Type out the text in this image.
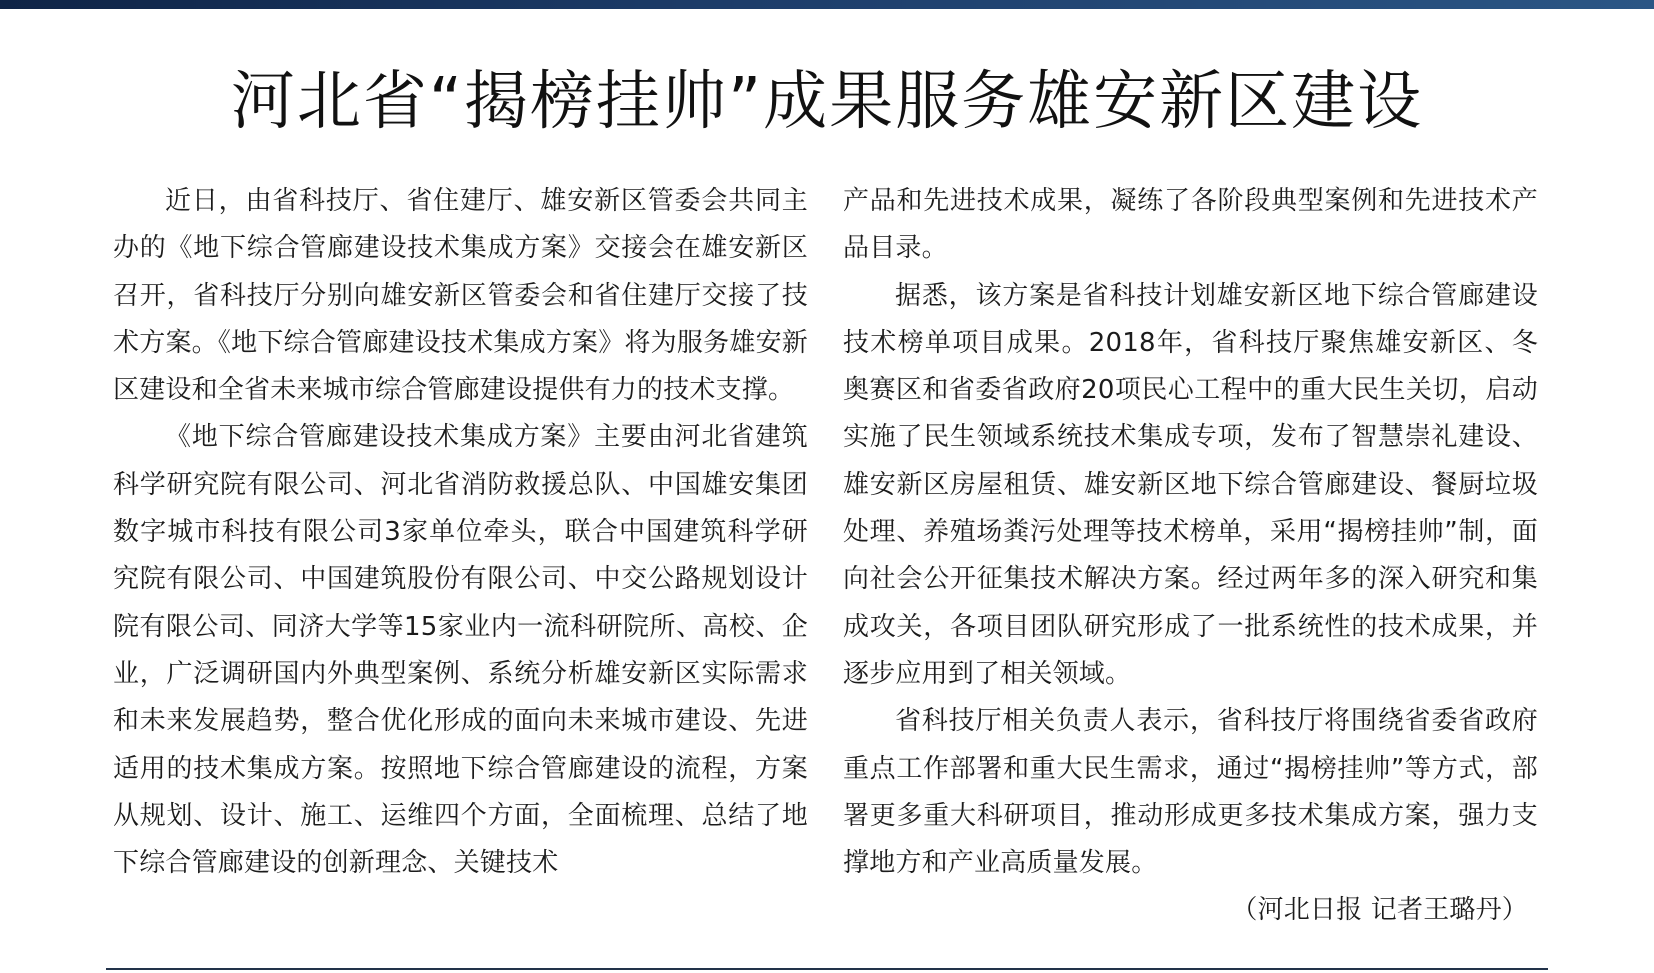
河北省“揭榜挂帅”成果服务雄安新区建设

近日，由省科技厅、省住建厅、雄安新区管委会共同主办的《地下综合管廊建设技术集成方案》交接会在雄安新区召开，省科技厅分别向雄安新区管委会和省住建厅交接了技术方案。《地下综合管廊建设技术集成方案》将为服务雄安新区建设和全省未来城市综合管廊建设提供有力的技术支撑。

《地下综合管廊建设技术集成方案》主要由河北省建筑科学研究院有限公司、河北省消防救援总队、中国雄安集团数字城市科技有限公司3家单位牵头，联合中国建筑科学研究院有限公司、中国建筑股份有限公司、中交公路规划设计院有限公司、同济大学等15家业内一流科研院所、高校、企业，广泛调研国内外典型案例、系统分析雄安新区实际需求和未来发展趋势，整合优化形成的面向未来城市建设、先进适用的技术集成方案。按照地下综合管廊建设的流程，方案从规划、设计、施工、运维四个方面，全面梳理、总结了地下综合管廊建设的创新理念、关键技术

产品和先进技术成果，凝练了各阶段典型案例和先进技术产品目录。

据悉，该方案是省科技计划雄安新区地下综合管廊建设技术榜单项目成果。2018年，省科技厅聚焦雄安新区、冬奥赛区和省委省政府20项民心工程中的重大民生关切，启动实施了民生领域系统技术集成专项，发布了智慧崇礼建设、雄安新区房屋租赁、雄安新区地下综合管廊建设、餐厨垃圾处理、养殖场粪污处理等技术榜单，采用“揭榜挂帅”制，面向社会公开征集技术解决方案。经过两年多的深入研究和集成攻关，各项目团队研究形成了一批系统性的技术成果，并逐步应用到了相关领域。

省科技厅相关负责人表示，省科技厅将围绕省委省政府重点工作部署和重大民生需求，通过“揭榜挂帅”等方式，部署更多重大科研项目，推动形成更多技术集成方案，强力支撑地方和产业高质量发展。

（河北日报 记者王璐丹）
